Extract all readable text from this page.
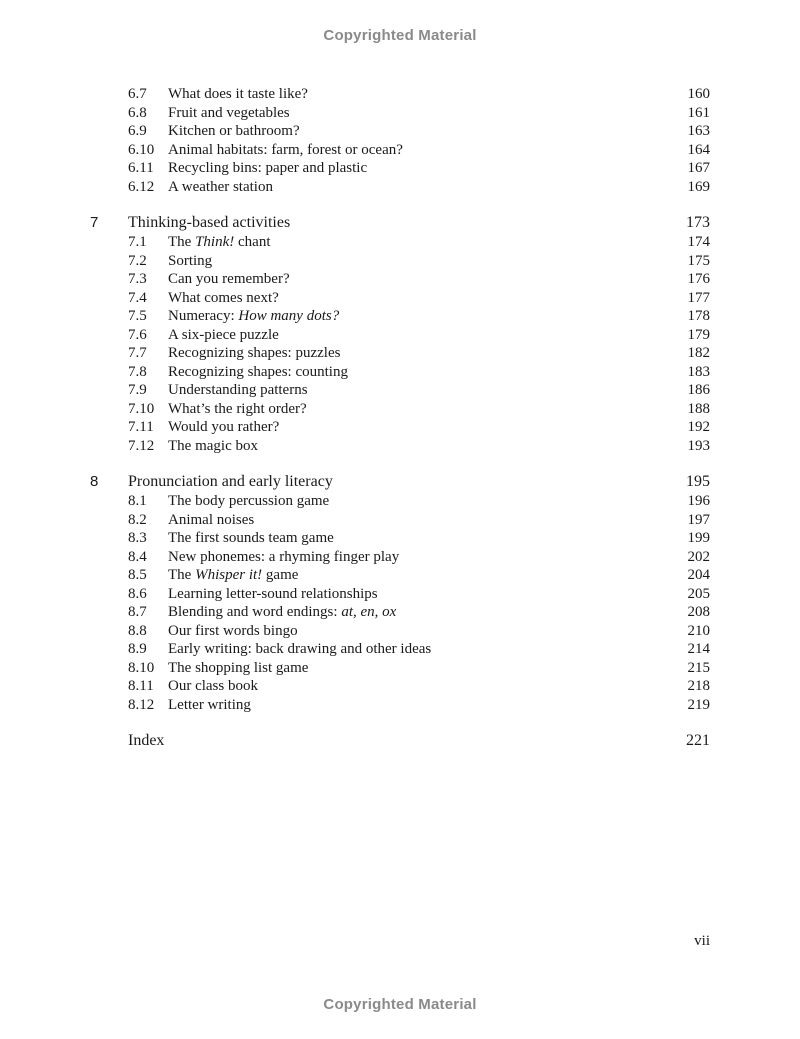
Copyrighted Material
6.7 What does it taste like?	160
6.8 Fruit and vegetables	161
6.9 Kitchen or bathroom?	163
6.10 Animal habitats: farm, forest or ocean?	164
6.11 Recycling bins: paper and plastic	167
6.12 A weather station	169
7 Thinking-based activities	173
7.1 The Think! chant	174
7.2 Sorting	175
7.3 Can you remember?	176
7.4 What comes next?	177
7.5 Numeracy: How many dots?	178
7.6 A six-piece puzzle	179
7.7 Recognizing shapes: puzzles	182
7.8 Recognizing shapes: counting	183
7.9 Understanding patterns	186
7.10 What’s the right order?	188
7.11 Would you rather?	192
7.12 The magic box	193
8 Pronunciation and early literacy	195
8.1 The body percussion game	196
8.2 Animal noises	197
8.3 The first sounds team game	199
8.4 New phonemes: a rhyming finger play	202
8.5 The Whisper it! game	204
8.6 Learning letter-sound relationships	205
8.7 Blending and word endings: at, en, ox	208
8.8 Our first words bingo	210
8.9 Early writing: back drawing and other ideas	214
8.10 The shopping list game	215
8.11 Our class book	218
8.12 Letter writing	219
Index	221
vii
Copyrighted Material
